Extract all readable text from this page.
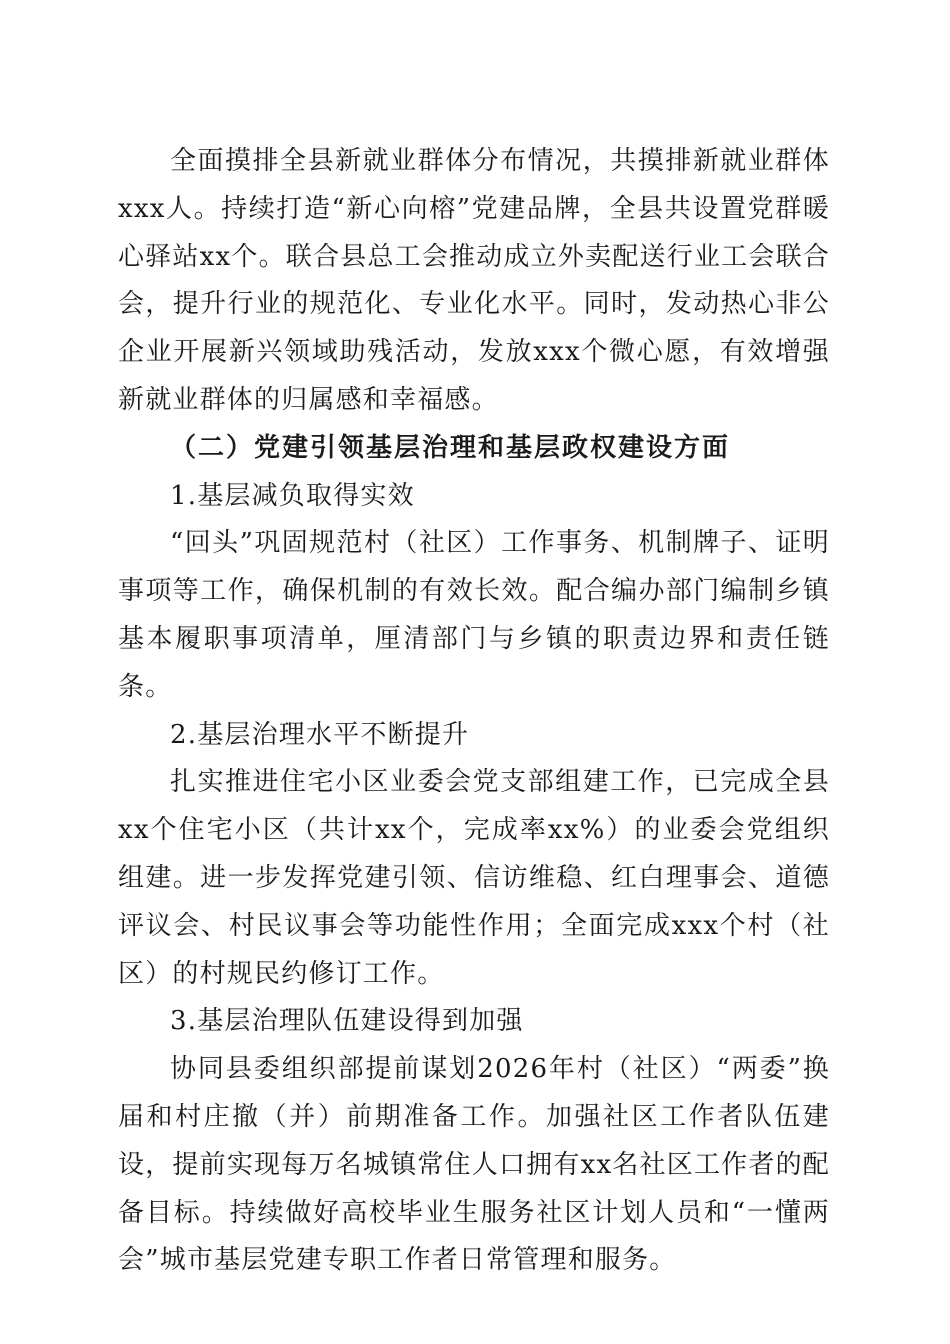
全面摸排全县新就业群体分布情况，共摸排新就业群体xxx人。持续打造“新心向榕”党建品牌，全县共设置党群暖心驿站xx个。联合县总工会推动成立外卖配送行业工会联合会，提升行业的规范化、专业化水平。同时，发动热心非公企业开展新兴领域助残活动，发放xxx个微心愿，有效增强新就业群体的归属感和幸福感。

（二）党建引领基层治理和基层政权建设方面

1.基层减负取得实效

“回头”巩固规范村（社区）工作事务、机制牌子、证明事项等工作，确保机制的有效长效。配合编办部门编制乡镇基本履职事项清单，厘清部门与乡镇的职责边界和责任链条。

2.基层治理水平不断提升

扎实推进住宅小区业委会党支部组建工作，已完成全县xx个住宅小区（共计xx个，完成率xx%）的业委会党组织组建。进一步发挥党建引领、信访维稳、红白理事会、道德评议会、村民议事会等功能性作用；全面完成xxx个村（社区）的村规民约修订工作。

3.基层治理队伍建设得到加强

协同县委组织部提前谋划2026年村（社区）“两委”换届和村庄撤（并）前期准备工作。加强社区工作者队伍建设，提前实现每万名城镇常住人口拥有xx名社区工作者的配备目标。持续做好高校毕业生服务社区计划人员和“一懂两会”城市基层党建专职工作者日常管理和服务。
